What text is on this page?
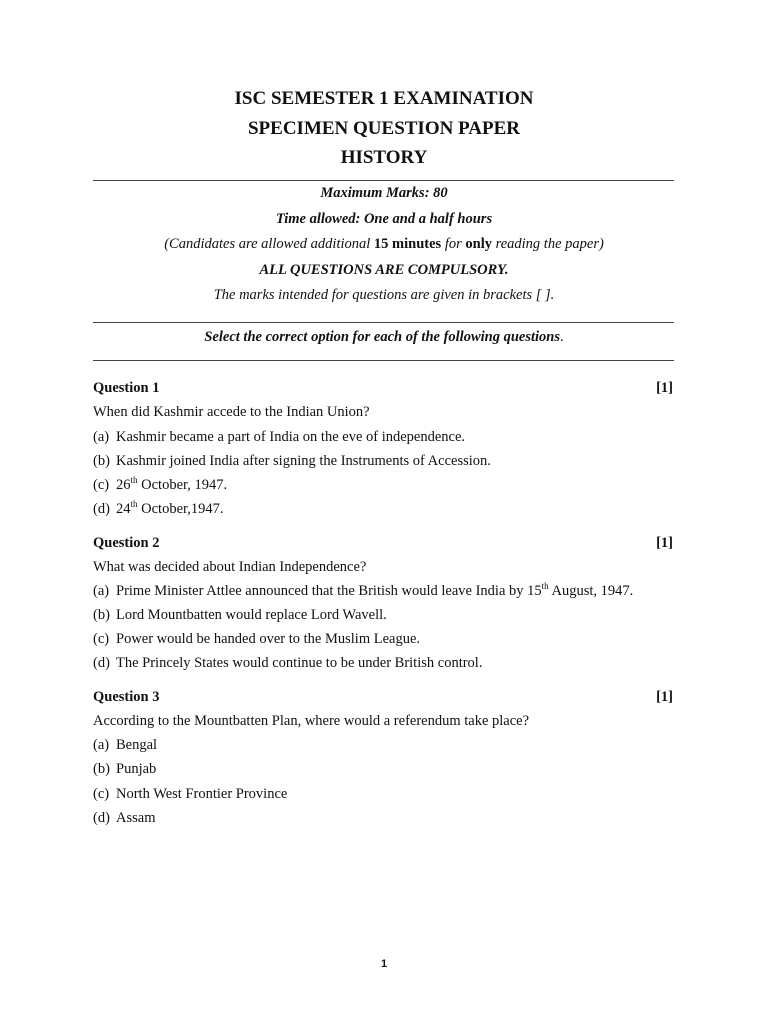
ISC SEMESTER 1 EXAMINATION
SPECIMEN QUESTION PAPER
HISTORY
Maximum Marks: 80
Time allowed: One and a half hours
(Candidates are allowed additional 15 minutes for only reading the paper)
ALL QUESTIONS ARE COMPULSORY.
The marks intended for questions are given in brackets [ ].
Select the correct option for each of the following questions.
Question 1	[1]
When did Kashmir accede to the Indian Union?
(a) Kashmir became a part of India on the eve of independence.
(b) Kashmir joined India after signing the Instruments of Accession.
(c) 26th October, 1947.
(d) 24th October,1947.
Question 2	[1]
What was decided about Indian Independence?
(a) Prime Minister Attlee announced that the British would leave India by 15th August, 1947.
(b) Lord Mountbatten would replace Lord Wavell.
(c) Power would be handed over to the Muslim League.
(d) The Princely States would continue to be under British control.
Question 3	[1]
According to the Mountbatten Plan, where would a referendum take place?
(a) Bengal
(b) Punjab
(c) North West Frontier Province
(d) Assam
1
